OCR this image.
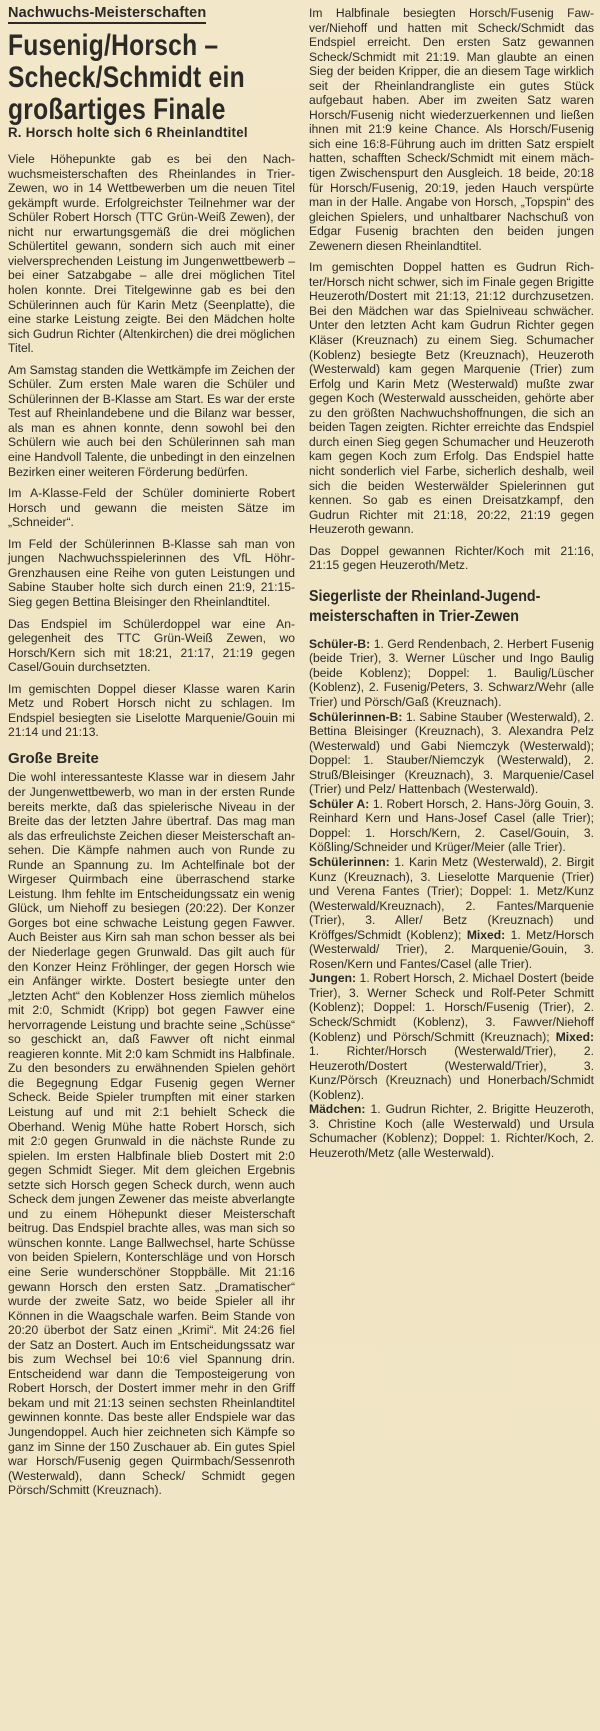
Nachwuchs-Meisterschaften
Fusenig/Horsch –
Scheck/Schmidt ein
großartiges Finale
R. Horsch holte sich 6 Rheinlandtitel

Viele Höhepunkte gab es bei den Nachwuchsmeisterschaften des Rheinlandes in Trier-Zewen, wo in 14 Wettbewerben um die neuen Titel gekämpft wurde. Erfolgreichster Teilnehmer war der Schüler Robert Horsch (TTC Grün-Weiß Zewen), der nicht nur erwartungsgemäß die drei möglichen Schülertitel gewann, sondern sich auch mit einer vielversprechenden Leistung im Jungenwettbewerb – bei einer Satzabgabe – alle drei möglichen Titel holen konnte. Drei Titelgewinne gab es bei den Schülerinnen auch für Karin Metz (Seenplatte), die eine starke Leistung zeigte. Bei den Mädchen holte sich Gudrun Richter (Altenkirchen) die drei möglichen Titel.

Am Samstag standen die Wettkämpfe im Zeichen der Schüler. Zum ersten Male waren die Schüler und Schülerinnen der B-Klasse am Start. Es war der erste Test auf Rheinlandebene und die Bilanz war besser, als man es ahnen konnte, denn sowohl bei den Schülern wie auch bei den Schülerinnen sah man eine Handvoll Talente, die unbedingt in den einzelnen Bezirken einer weiteren Förderung bedürfen.

Im A-Klasse-Feld der Schüler dominierte Robert Horsch und gewann die meisten Sätze im „Schneider“.

Im Feld der Schülerinnen B-Klasse sah man von jungen Nachwuchsspielerinnen des VfL Höhr-Grenzhausen eine Reihe von guten Leistungen und Sabine Stauber holte sich durch einen 21:9, 21:15-Sieg gegen Bettina Bleisinger den Rheinlandtitel.

Das Endspiel im Schülerdoppel war eine Angelegenheit des TTC Grün-Weiß Zewen, wo Horsch/Kern sich mit 18:21, 21:17, 21:19 gegen Casel/Gouin durchsetzten.

Im gemischten Doppel dieser Klasse waren Karin Metz und Robert Horsch nicht zu schlagen. Im Endspiel besiegten sie Liselotte Marquenie/Gouin mi 21:14 und 21:13.

Große Breite

Die wohl interessanteste Klasse war in diesem Jahr der Jungenwettbewerb, wo man in der ersten Runde bereits merkte, daß das spielerische Niveau in der Breite das der letzten Jahre übertraf. Das mag man als das erfreulichste Zeichen dieser Meisterschaft ansehen. Die Kämpfe nahmen auch von Runde zu Runde an Spannung zu. Im Achtelfinale bot der Wirgeser Quirmbach eine überraschend starke Leistung. Ihm fehlte im Entscheidungssatz ein wenig Glück, um Niehoff zu besiegen (20:22). Der Konzer Gorges bot eine schwache Leistung gegen Fawver. Auch Beister aus Kirn sah man schon besser als bei der Niederlage gegen Grunwald. Das gilt auch für den Konzer Heinz Fröhlinger, der gegen Horsch wie ein Anfänger wirkte. Dostert besiegte unter den „letzten Acht“ den Koblenzer Hoss ziemlich mühelos mit 2:0, Schmidt (Kripp) bot gegen Fawver eine hervorragende Leistung und brachte seine „Schüsse“ so geschickt an, daß Fawver oft nicht einmal reagieren konnte. Mit 2:0 kam Schmidt ins Halbfinale. Zu den besonders zu erwähnenden Spielen gehört die Begegnung Edgar Fusenig gegen Werner Scheck. Beide Spieler trumpften mit einer starken Leistung auf und mit 2:1 behielt Scheck die Oberhand. Wenig Mühe hatte Robert Horsch, sich mit 2:0 gegen Grunwald in die nächste Runde zu spielen. Im ersten Halbfinale blieb Dostert mit 2:0 gegen Schmidt Sieger. Mit dem gleichen Ergebnis setzte sich Horsch gegen Scheck durch, wenn auch Scheck dem jungen Zewener das meiste abverlangte und zu einem Höhepunkt dieser Meisterschaft beitrug. Das Endspiel brachte alles, was man sich so wünschen konnte. Lange Ballwechsel, harte Schüsse von beiden Spielern, Konterschläge und von Horsch eine Serie wunderschöner Stoppbälle. Mit 21:16 gewann Horsch den ersten Satz. „Dramatischer“ wurde der zweite Satz, wo beide Spieler all ihr Können in die Waagschale warfen. Beim Stande von 20:20 überbot der Satz einen „Krimi“. Mit 24:26 fiel der Satz an Dostert. Auch im Entscheidungssatz war bis zum Wechsel bei 10:6 viel Spannung drin. Entscheidend war dann die Temposteigerung von Robert Horsch, der Dostert immer mehr in den Griff bekam und mit 21:13 seinen sechsten Rheinlandtitel gewinnen konnte. Das beste aller Endspiele war das Jungendoppel. Auch hier zeichneten sich Kämpfe so ganz im Sinne der 150 Zuschauer ab. Ein gutes Spiel war Horsch/Fusenig gegen Quirmbach/Sessenroth (Westerwald), dann Scheck/ Schmidt gegen Pörsch/Schmitt (Kreuznach).

Im Halbfinale besiegten Horsch/Fusenig Fawver/Niehoff und hatten mit Scheck/Schmidt das Endspiel erreicht. Den ersten Satz gewannen Scheck/Schmidt mit 21:19. Man glaubte an einen Sieg der beiden Kripper, die an diesem Tage wirklich seit der Rheinlandrangliste ein gutes Stück aufgebaut haben. Aber im zweiten Satz waren Horsch/Fusenig nicht wiederzuerkennen und ließen ihnen mit 21:9 keine Chance. Als Horsch/Fusenig sich eine 16:8-Führung auch im dritten Satz erspielt hatten, schafften Scheck/Schmidt mit einem mächtigen Zwischenspurt den Ausgleich. 18 beide, 20:18 für Horsch/Fusenig, 20:19, jeden Hauch verspürte man in der Halle. Angabe von Horsch, „Topspin“ des gleichen Spielers, und unhaltbarer Nachschuß von Edgar Fusenig brachten den beiden jungen Zewenern diesen Rheinlandtitel.

Im gemischten Doppel hatten es Gudrun Richter/Horsch nicht schwer, sich im Finale gegen Brigitte Heuzeroth/Dostert mit 21:13, 21:12 durchzusetzen. Bei den Mädchen war das Spielniveau schwächer. Unter den letzten Acht kam Gudrun Richter gegen Kläser (Kreuznach) zu einem Sieg. Schumacher (Koblenz) besiegte Betz (Kreuznach), Heuzeroth (Westerwald) kam gegen Marquenie (Trier) zum Erfolg und Karin Metz (Westerwald) mußte zwar gegen Koch (Westerwald ausscheiden, gehörte aber zu den größten Nachwuchshoffnungen, die sich an beiden Tagen zeigten. Richter erreichte das Endspiel durch einen Sieg gegen Schumacher und Heuzeroth kam gegen Koch zum Erfolg. Das Endspiel hatte nicht sonderlich viel Farbe, sicherlich deshalb, weil sich die beiden Westerwälder Spielerinnen gut kennen. So gab es einen Dreisatzkampf, den Gudrun Richter mit 21:18, 20:22, 21:19 gegen Heuzeroth gewann.

Das Doppel gewannen Richter/Koch mit 21:16, 21:15 gegen Heuzeroth/Metz.

Siegerliste der Rheinland-Jugendmeisterschaften in Trier-Zewen
Schüler-B: 1. Gerd Rendenbach, 2. Herbert Fusenig (beide Trier), 3. Werner Lüscher und Ingo Baulig (beide Koblenz); Doppel: 1. Baulig/Lüscher (Koblenz), 2. Fusenig/Peters, 3. Schwarz/Wehr (alle Trier) und Pörsch/Gaß (Kreuznach).
Schülerinnen-B: 1. Sabine Stauber (Westerwald), 2. Bettina Bleisinger (Kreuznach), 3. Alexandra Pelz (Westerwald) und Gabi Niemczyk (Westerwald); Doppel: 1. Stauber/Niemczyk (Westerwald), 2. Struß/Bleisinger (Kreuznach), 3. Marquenie/Casel (Trier) und Pelz/ Hattenbach (Westerwald).
Schüler A: 1. Robert Horsch, 2. Hans-Jörg Gouin, 3. Reinhard Kern und Hans-Josef Casel (alle Trier); Doppel: 1. Horsch/Kern, 2. Casel/Gouin, 3. Kößling/Schneider und Krüger/Meier (alle Trier).
Schülerinnen: 1. Karin Metz (Westerwald), 2. Birgit Kunz (Kreuznach), 3. Lieselotte Marquenie (Trier) und Verena Fantes (Trier); Doppel: 1. Metz/Kunz (Westerwald/Kreuznach), 2. Fantes/Marquenie (Trier), 3. Aller/ Betz (Kreuznach) und Kröffges/Schmidt (Koblenz); Mixed: 1. Metz/Horsch (Westerwald/ Trier), 2. Marquenie/Gouin, 3. Rosen/Kern und Fantes/Casel (alle Trier).
Jungen: 1. Robert Horsch, 2. Michael Dostert (beide Trier), 3. Werner Scheck und Rolf-Peter Schmitt (Koblenz); Doppel: 1. Horsch/Fusenig (Trier), 2. Scheck/Schmidt (Koblenz), 3. Fawver/Niehoff (Koblenz) und Pörsch/Schmitt (Kreuznach); Mixed: 1. Richter/Horsch (Westerwald/Trier), 2. Heuzeroth/Dostert (Westerwald/Trier), 3. Kunz/Pörsch (Kreuznach) und Honerbach/Schmidt (Koblenz).
Mädchen: 1. Gudrun Richter, 2. Brigitte Heuzeroth, 3. Christine Koch (alle Westerwald) und Ursula Schumacher (Koblenz); Doppel: 1. Richter/Koch, 2. Heuzeroth/Metz (alle Westerwald).
